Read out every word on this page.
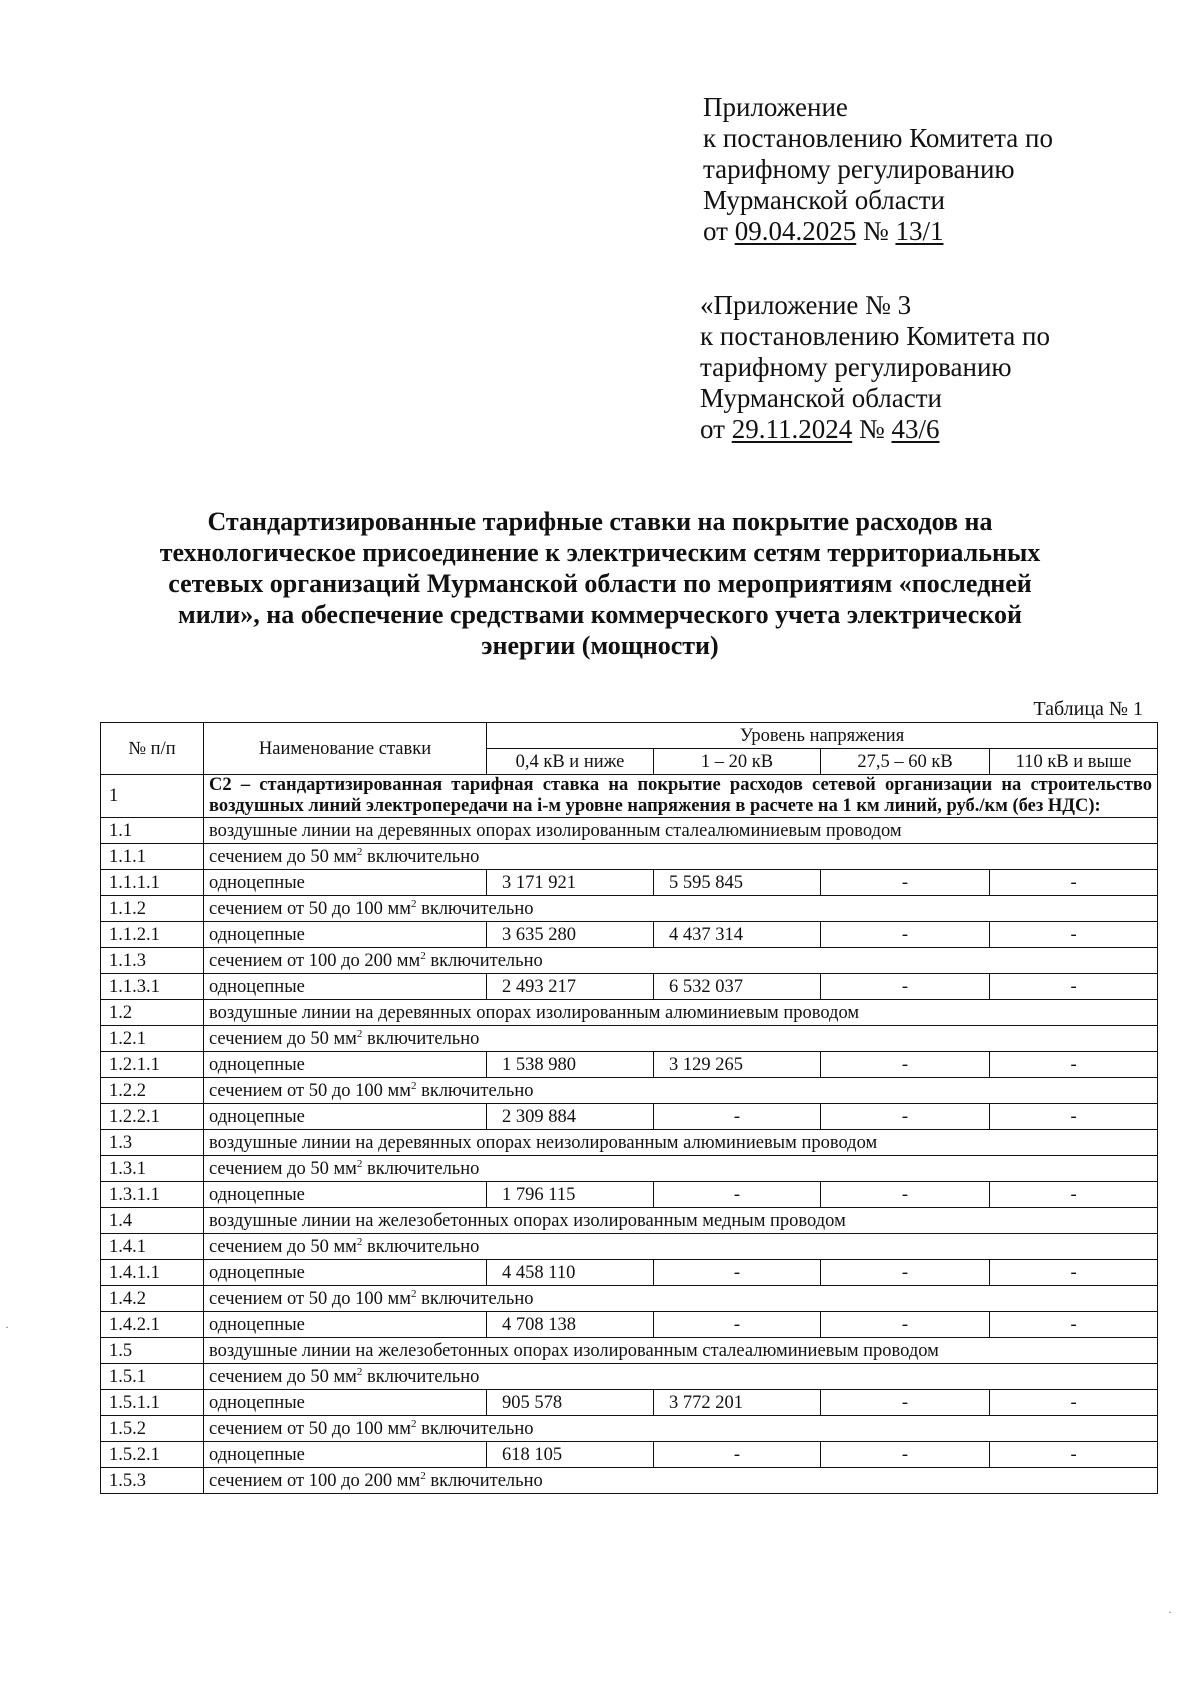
Приложение
к постановлению Комитета по
тарифному регулированию
Мурманской области
от 09.04.2025 № 13/1
«Приложение № 3
к постановлению Комитета по
тарифному регулированию
Мурманской области
от 29.11.2024 № 43/6
Стандартизированные тарифные ставки на покрытие расходов на
технологическое присоединение к электрическим сетям территориальных
сетевых организаций Мурманской области по мероприятиям «последней
мили», на обеспечение средствами коммерческого учета электрической
энергии (мощности)
Таблица № 1
№ п/п	Наименование ставки	Уровень напряжения			
		0,4 кВ и ниже	1 – 20 кВ	27,5 – 60 кВ	110 кВ и выше
1	С2 – стандартизированная тарифная ставка на покрытие расходов сетевой организации на строительство воздушных линий электропередачи на i-м уровне напряжения в расчете на 1 км линий, руб./км (без НДС):				
1.1	воздушные линии на деревянных опорах изолированным сталеалюминиевым проводом				
1.1.1	сечением до 50 $мм^2$ включительно				
1.1.1.1	одноцепные	3 171 921	5 595 845	-	-
1.1.2	сечением от 50 до 100 $мм^2$ включительно				
1.1.2.1	одноцепные	3 635 280	4 437 314	-	-
1.1.3	сечением от 100 до 200 $мм^2$ включительно				
1.1.3.1	одноцепные	2 493 217	6 532 037	-	-
1.2	воздушные линии на деревянных опорах изолированным алюминиевым проводом				
1.2.1	сечением до 50 $мм^2$ включительно				
1.2.1.1	одноцепные	1 538 980	3 129 265	-	-
1.2.2	сечением от 50 до 100 $мм^2$ включительно				
1.2.2.1	одноцепные	2 309 884	-	-	-
1.3	воздушные линии на деревянных опорах неизолированным алюминиевым проводом				
1.3.1	сечением до 50 $мм^2$ включительно				
1.3.1.1	одноцепные	1 796 115	-	-	-
1.4	воздушные линии на железобетонных опорах изолированным медным проводом				
1.4.1	сечением до 50 $мм^2$ включительно				
1.4.1.1	одноцепные	4 458 110	-	-	-
1.4.2	сечением от 50 до 100 $мм^2$ включительно				
1.4.2.1	одноцепные	4 708 138	-	-	-
1.5	воздушные линии на железобетонных опорах изолированным сталеалюминиевым проводом				
1.5.1	сечением до 50 $мм^2$ включительно				
1.5.1.1	одноцепные	905 578	3 772 201	-	-
1.5.2	сечением от 50 до 100 $мм^2$ включительно				
1.5.2.1	одноцепные	618 105	-	-	-
1.5.3	сечением от 100 до 200 $мм^2$ включительно				
·
·
